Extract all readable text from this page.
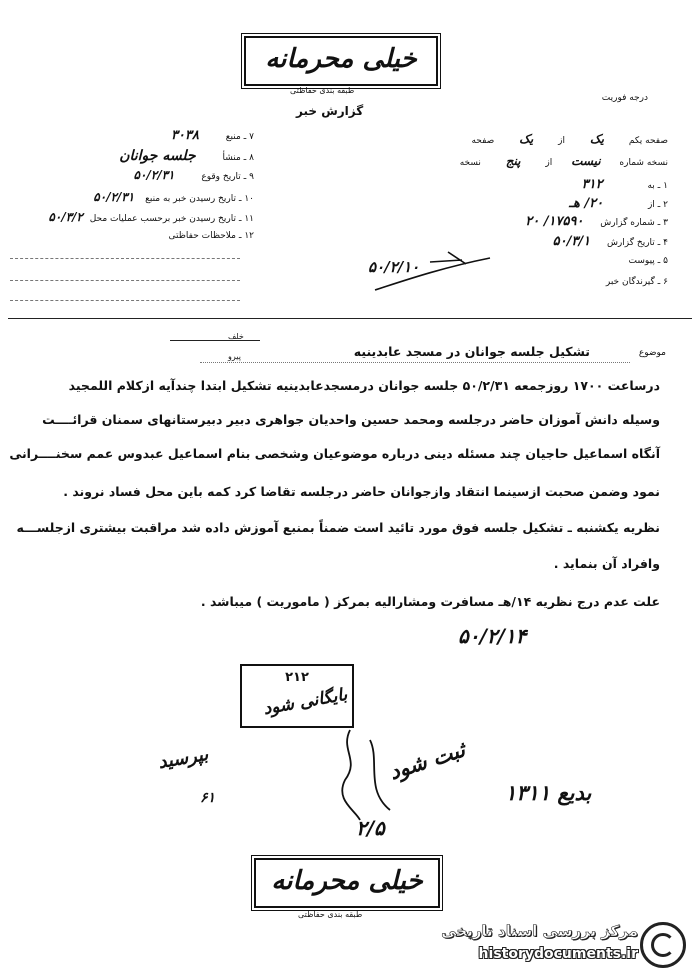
خیلی محرمانه
طبقه بندی حفاظتی
درجه فوریت
گزارش خبر
صفحه یکم یک از یک صفحه
نسخه شماره نیست از پنج نسخه
۱ ـ به ۳۱۲
۲ ـ از ۲۰/ هـ
۳ ـ شماره گزارش ۱۷۵۹۰/ ۲۰
۴ ـ تاریخ گزارش ۵۰/۳/۱
۵ ـ پیوست
۶ ـ گیرندگان خبر
۵۰/۲/۱۰
۷ ـ منبع ۳۰۳۸
۸ ـ منشأ جلسه جوانان
۹ ـ تاریخ وقوع ۵۰/۲/۳۱
۱۰ ـ تاریخ رسیدن خبر به منبع ۵۰/۲/۳۱
۱۱ ـ تاریخ رسیدن خبر برحسب عملیات محل ۵۰/۳/۲
۱۲ ـ ملاحظات حفاظتی
موضوع
تشکیل جلسه جوانان در مسجد عابدینیه
خلف
پیرو
درساعت ۱۷۰۰ روزجمعه ۵۰/۲/۳۱ جلسه جوانان درمسجدعابدینیه تشکیل ابتدا چندآیه ازکلام اللمجید
وسیله دانش آموزان حاضر درجلسه ومحمد حسین واحدیان جواهری دبیر دبیرستانهای سمنان قرائــــت
آنگاه اسماعیل حاجیان چند مسئله دینی درباره موضوعیان وشخصی بنام اسماعیل عبدوس عمم سخنــــرانی
نمود وضمن صحبت ازسینما انتقاد وازجوانان حاضر درجلسه تقاضا کرد کمه باین محل فساد نروند .
نظریه یکشنبه ـ تشکیل جلسه فوق مورد تائید است ضمناً بمنبع آموزش داده شد مراقبت بیشتری ازجلســـه
وافراد آن بنماید .
علت عدم درج نظریه ۱۴/هـ مسافرت ومشارالیه بمرکز ( ماموریت ) میباشد .
۵۰/۲/۱۴
۲۱۲
بایگانی شود
بدیع ۱۳۱۱
ثبت شود
بپرسید
۲/۵
۶۱
خیلی محرمانه
طبقه بندی حفاظتی
مرکز بررسی اسناد تاریخی
historydocuments.ir
